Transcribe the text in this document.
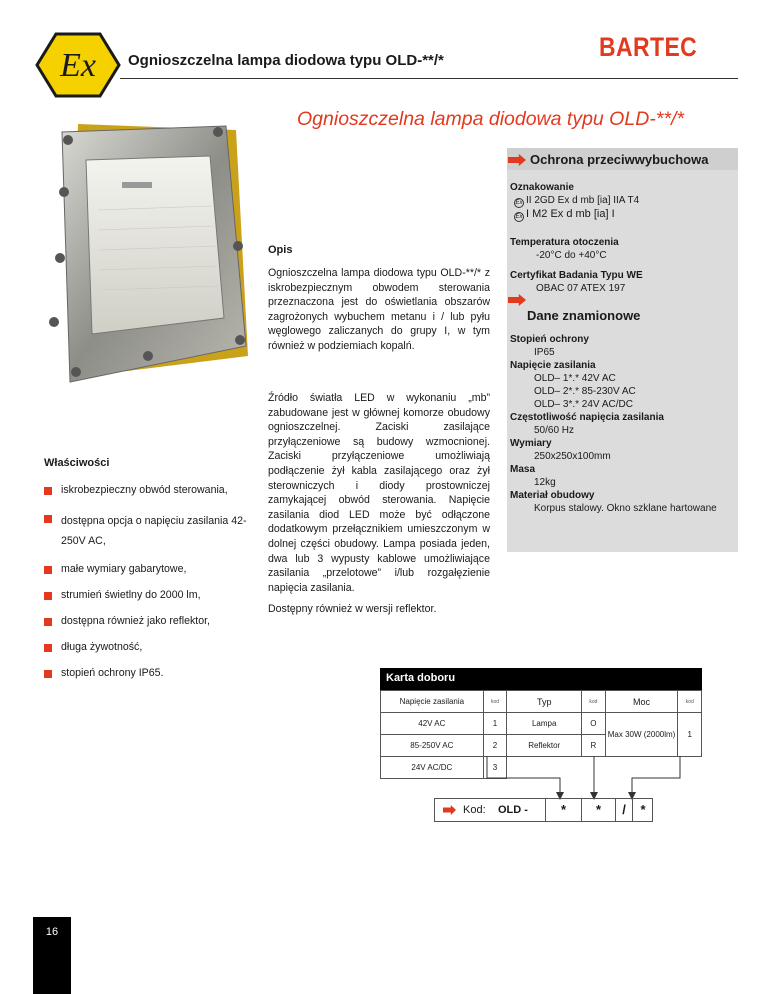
Ex Ognioszczelna lampa diodowa typu OLD-**/*	BARTEC
Ognioszczelna lampa diodowa typu OLD-**/*
Ochrona przeciwwybuchowa
Oznakowanie
Ex II 2GD Ex d mb [ia] IIA T4
Ex I M2 Ex d mb [ia] I
Temperatura otoczenia
-20°C do +40°C
Certyfikat Badania Typu WE
OBAC 07 ATEX 197
Dane znamionowe
Stopień ochrony
IP65
Napięcie zasilania
OLD– 1*.* 42V AC
OLD– 2*.* 85-230V AC
OLD– 3*.* 24V AC/DC
Częstotliwość napięcia zasilania
50/60 Hz
Wymiary
250x250x100mm
Masa
12kg
Materiał obudowy
Korpus stalowy. Okno szklane hartowane
Opis
Ognioszczelna lampa diodowa typu OLD-**/* z iskrobezpiecznym obwodem sterowania przeznaczona jest do oświetlania obszarów zagrożonych wybuchem metanu i / lub pyłu węglowego zaliczanych do grupy I, w tym również w podziemiach kopalń.
Źródło światła LED w wykonaniu „mb” zabudowane jest w głównej komorze obudowy ognioszczelnej. Zaciski zasilające przyłączeniowe są budowy wzmocnionej. Zaciski przyłączeniowe umożliwiają podłączenie żył kabla zasilającego oraz żył sterowniczych i diody prostowniczej zamykającej obwód sterowania. Napięcie zasilania diod LED może być odłączone dodatkowym przełącznikiem umieszczonym w dolnej części obudowy. Lampa posiada jeden, dwa lub 3 wypusty kablowe umożliwiające zasilania „przelotowe” i/lub rozgałęzienie napięcia zasilania.
Dostępny również w wersji reflektor.
Właściwości
iskrobezpieczny obwód sterowania,
dostępna opcja o napięciu zasilania 42-250V AC,
małe wymiary gabarytowe,
strumień świetlny do 2000 lm,
dostępna również jako reflektor,
długa żywotność,
stopień ochrony IP65.	Karta doboru
Napięcie zasilania	kod	Typ	kod	Moc	kod
42V AC	1	Lampa	O	Max 30W (2000lm)	1
85-250V AC	2	Reflektor	R		
24V AC/DC	3				
Kod: OLD -	*	*	/	*
16
